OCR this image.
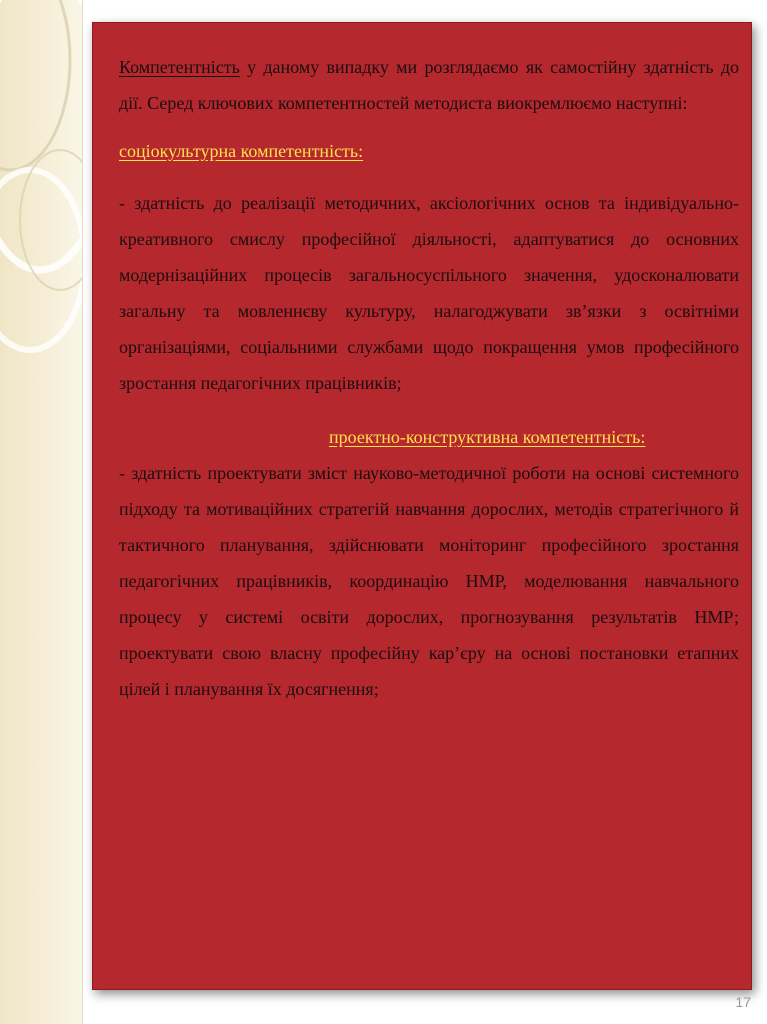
Компетентність у даному випадку ми розглядаємо як самостійну здатність до дії. Серед ключових компетентностей методиста виокремлюємо наступні:

соціокультурна компетентність:

- здатність до реалізації методичних, аксіологічних основ та індивідуально-креативного смислу професійної діяльності, адаптуватися до основних модернізаційних процесів загальносуспільного значення, удосконалювати загальну та мовленнєву культуру, налагоджувати зв’язки з освітніми організаціями, соціальними службами щодо покращення умов професійного зростання педагогічних працівників;

проектно-конструктивна компетентність:

- здатність проектувати зміст науково-методичної роботи на основі системного підходу та мотиваційних стратегій навчання дорослих, методів стратегічного й тактичного планування, здійснювати моніторинг професійного зростання педагогічних працівників, координацію НМР, моделювання навчального процесу у системі освіти дорослих, прогнозування результатів НМР; проектувати свою власну професійну кар’єру на основі постановки етапних цілей і планування їх досягнення;

17
